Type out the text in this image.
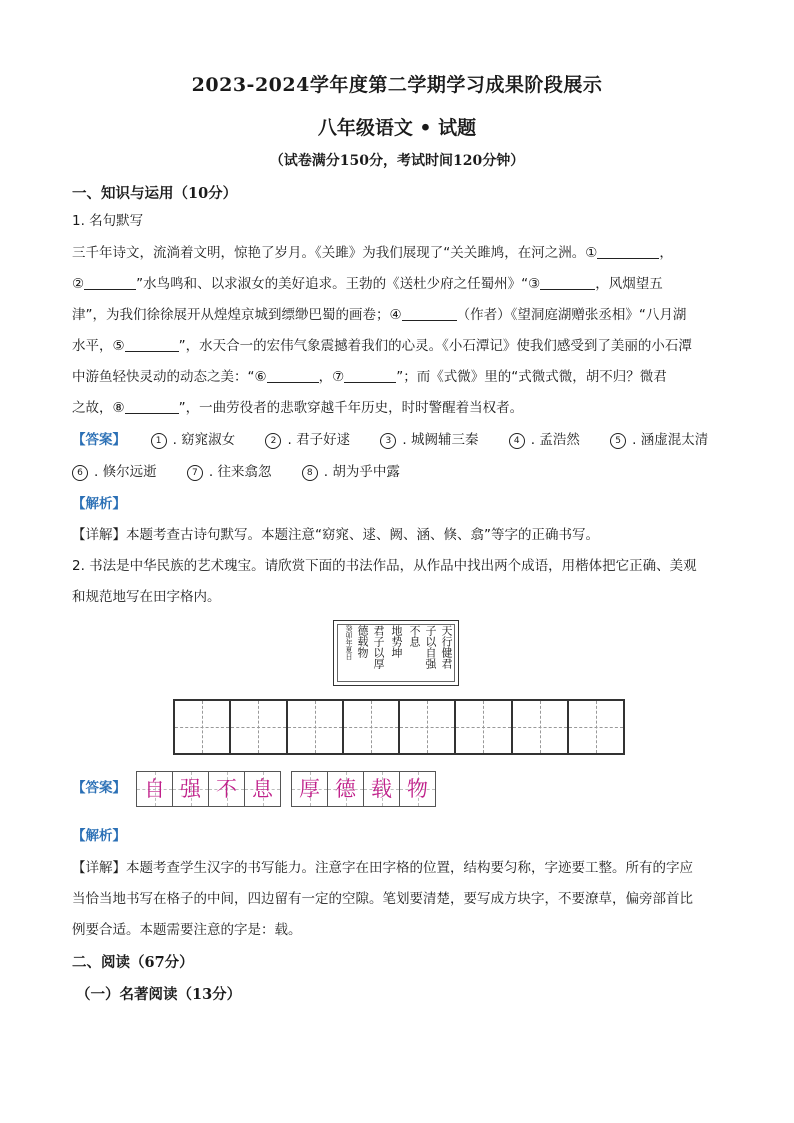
2023-2024学年度第二学期学习成果阶段展示
八年级语文 • 试题
（试卷满分150分，考试时间120分钟）
一、知识与运用（10分）
1. 名句默写
三千年诗文，流淌着文明，惊艳了岁月。《关雎》为我们展现了“关关雎鸠，在河之洲。①	，
②	”水鸟鸣和、以求淑女的美好追求。王勃的《送杜少府之任蜀州》“③	，风烟望五
津”，为我们徐徐展开从煌煌京城到缥缈巴蜀的画卷；④	（作者）《望洞庭湖赠张丞相》“八月湖
水平，⑤	”，水天合一的宏伟气象震撼着我们的心灵。《小石潭记》使我们感受到了美丽的小石潭
中游鱼轻快灵动的动态之美：“⑥	，⑦	”；而《式微》里的“式微式微，胡不归？微君
之故，⑧	”，一曲劳役者的悲歌穿越千年历史，时时警醒着当权者。
【答案】	1 . 窈窕淑女	2 . 君子好逑	3 . 城阙辅三秦	4 . 孟浩然	5 . 涵虚混太清
6 . 倏尔远逝	7 . 往来翕忽	8 . 胡为乎中露
【解析】
【详解】本题考查古诗句默写。本题注意“窈窕、逑、阙、涵、倏、翕”等字的正确书写。
2. 书法是中华民族的艺术瑰宝。请欣赏下面的书法作品，从作品中找出两个成语，用楷体把它正确、美观
和规范地写在田字格内。
天行健君
子以自强
不息
地势坤
君子以厚
德载物
癸卯年夏日
【答案】 自 强 不 息	厚 德 载 物
【解析】
【详解】本题考查学生汉字的书写能力。注意字在田字格的位置，结构要匀称，字迹要工整。所有的字应
当恰当地书写在格子的中间，四边留有一定的空隙。笔划要清楚，要写成方块字，不要潦草，偏旁部首比
例要合适。本题需要注意的字是：载。
二、阅读（67分）
（一）名著阅读（13分）
